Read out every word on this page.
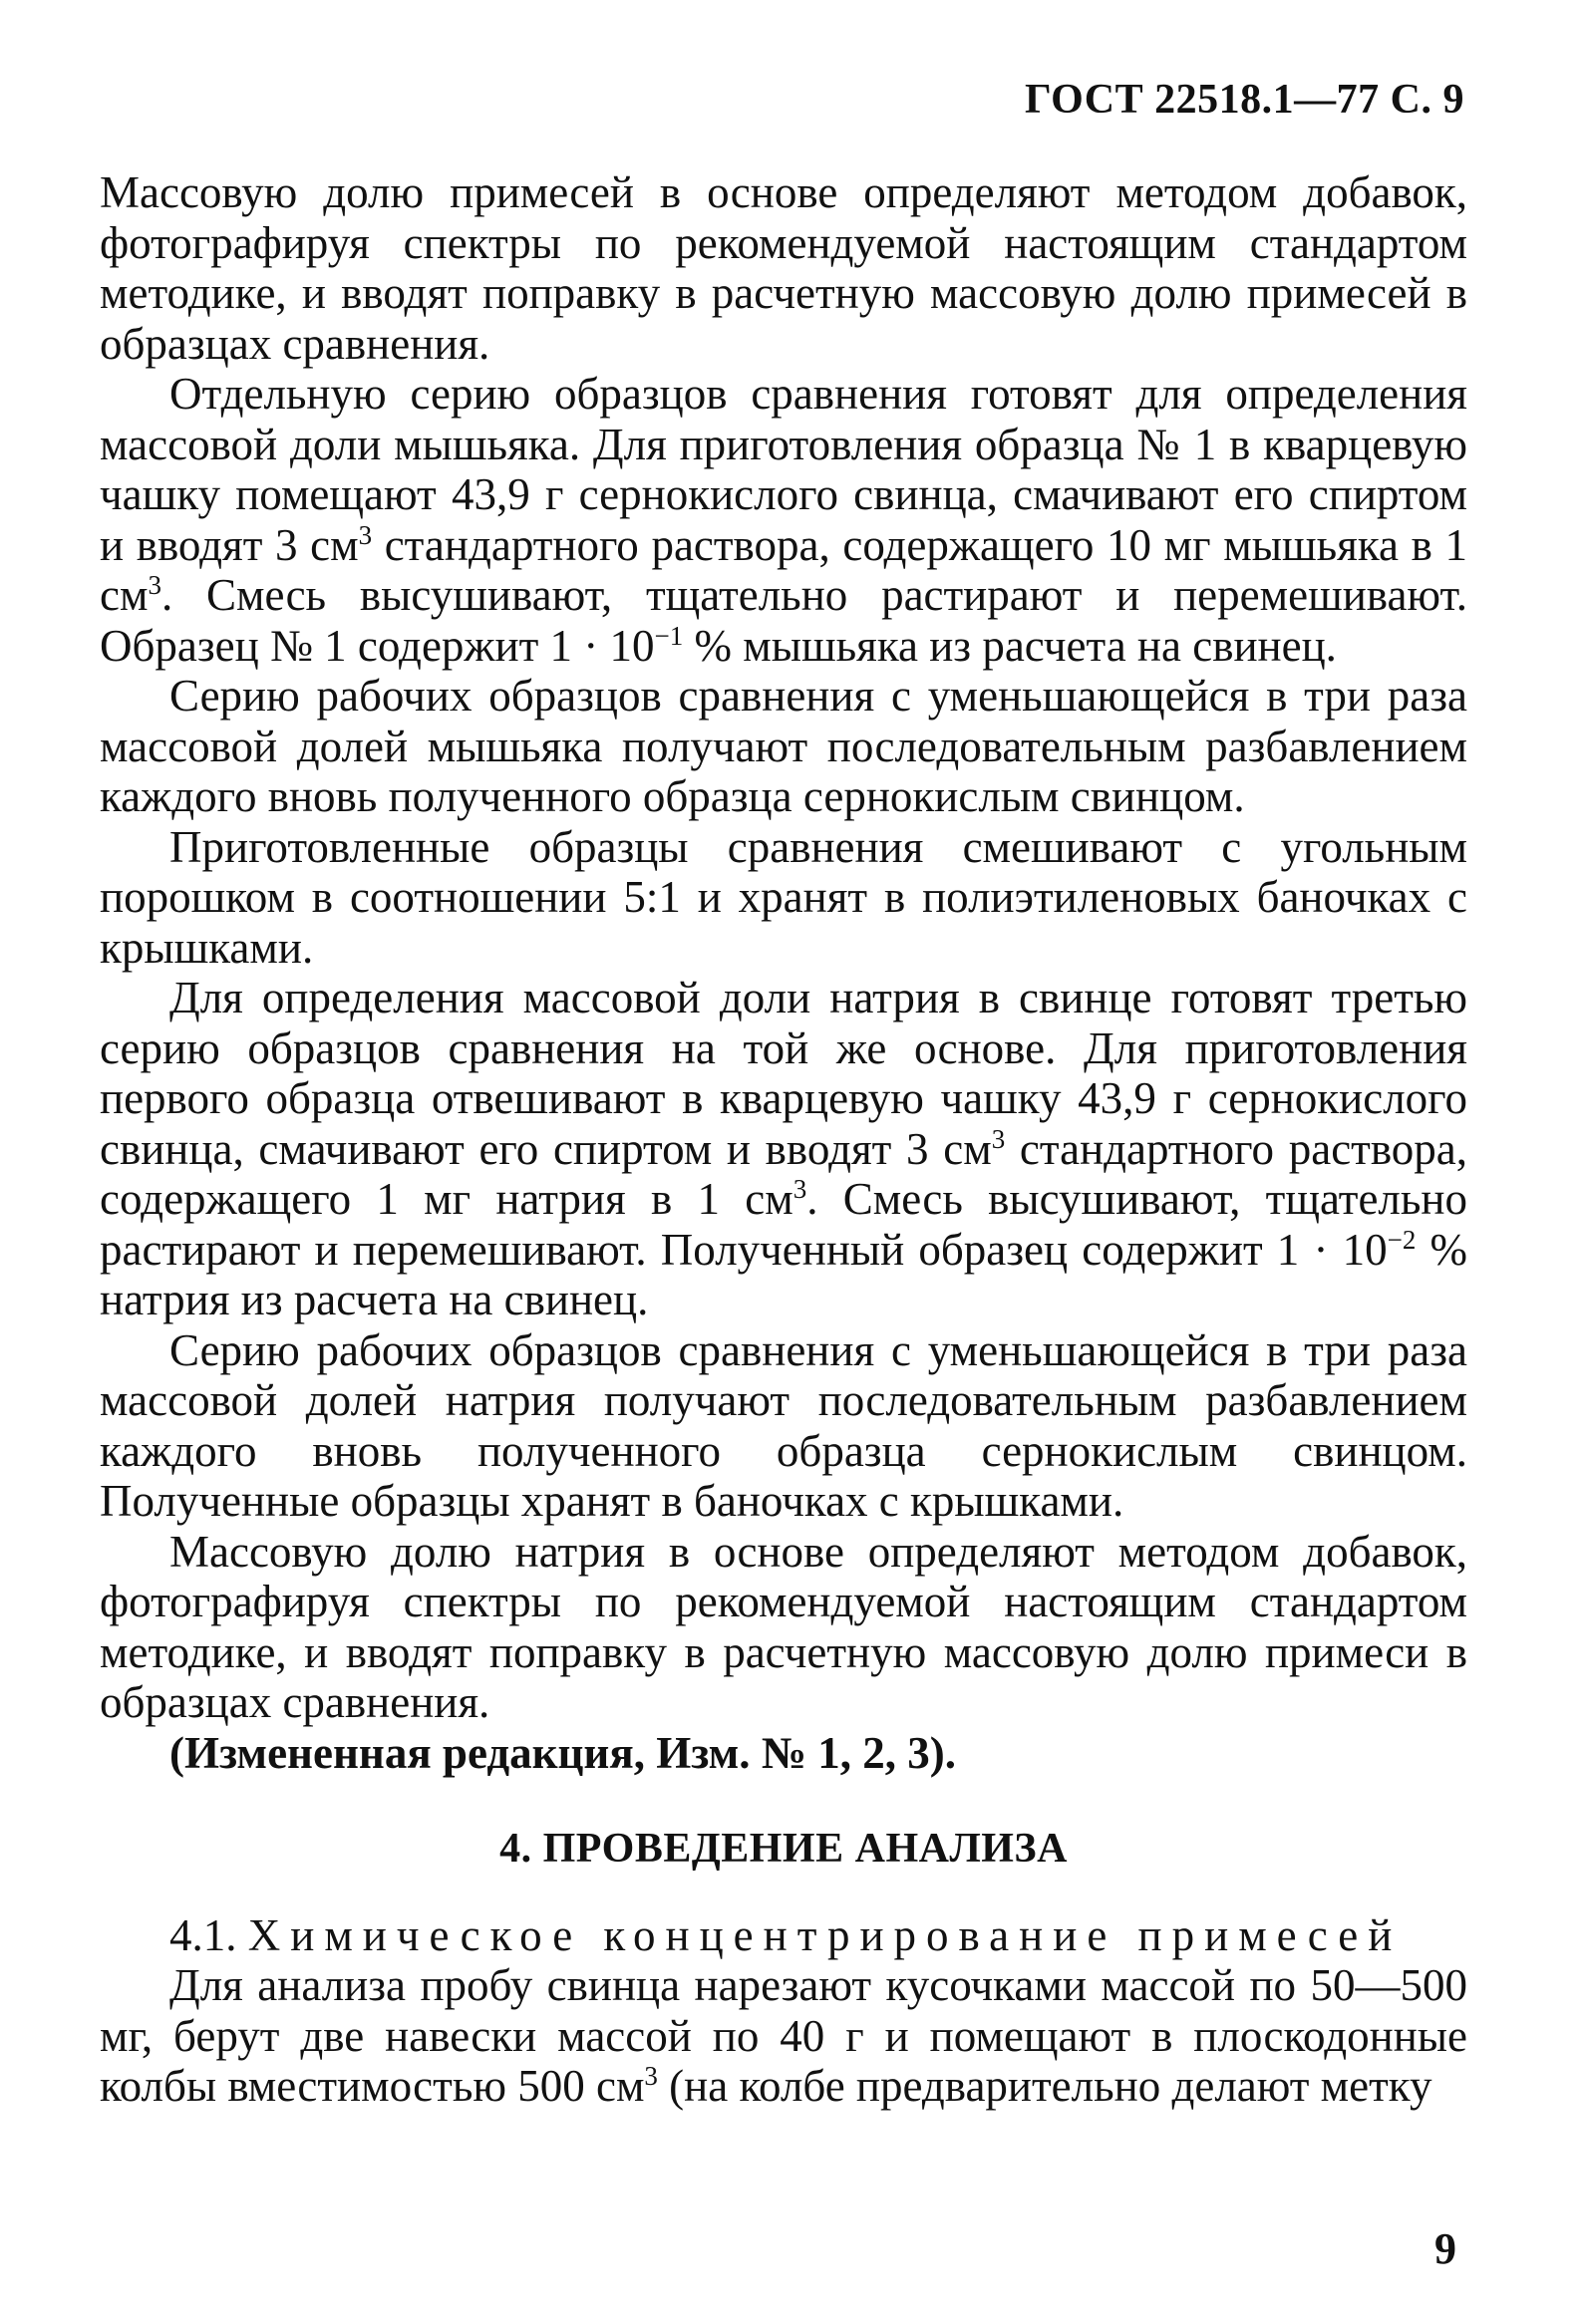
ГОСТ 22518.1—77 С. 9

Массовую долю примесей в основе определяют методом добавок, фотографируя спектры по рекомендуемой настоящим стандартом методике, и вводят поправку в расчетную массовую долю примесей в образцах сравнения.

Отдельную серию образцов сравнения готовят для определения массовой доли мышьяка. Для приготовления образца № 1 в кварцевую чашку помещают 43,9 г сернокислого свинца, смачивают его спиртом и вводят 3 $см^3$ стандартного раствора, содержащего 10 мг мышьяка в 1 $см^3$. Смесь высушивают, тщательно растирают и перемешивают. Образец № 1 содержит $1 \cdot 10^{-1}$ % мышьяка из расчета на свинец.

Серию рабочих образцов сравнения с уменьшающейся в три раза массовой долей мышьяка получают последовательным разбавлением каждого вновь полученного образца сернокислым свинцом.

Приготовленные образцы сравнения смешивают с угольным порошком в соотношении 5:1 и хранят в полиэтиленовых баночках с крышками.

Для определения массовой доли натрия в свинце готовят третью серию образцов сравнения на той же основе. Для приготовления первого образца отвешивают в кварцевую чашку 43,9 г сернокислого свинца, смачивают его спиртом и вводят 3 $см^3$ стандартного раствора, содержащего 1 мг натрия в 1 $см^3$. Смесь высушивают, тщательно растирают и перемешивают. Полученный образец содержит $1 \cdot 10^{-2}$ % натрия из расчета на свинец.

Серию рабочих образцов сравнения с уменьшающейся в три раза массовой долей натрия получают последовательным разбавлением каждого вновь полученного образца сернокислым свинцом. Полученные образцы хранят в баночках с крышками.

Массовую долю натрия в основе определяют методом добавок, фотографируя спектры по рекомендуемой настоящим стандартом методике, и вводят поправку в расчетную массовую долю примеси в образцах сравнения.

(Измененная редакция, Изм. № 1, 2, 3).

4. ПРОВЕДЕНИЕ АНАЛИЗА

4.1. Химическое концентрирование примесей

Для анализа пробу свинца нарезают кусочками массой по 50—500 мг, берут две навески массой по 40 г и помещают в плоскодонные колбы вместимостью 500 $см^3$ (на колбе предварительно делают метку

9
